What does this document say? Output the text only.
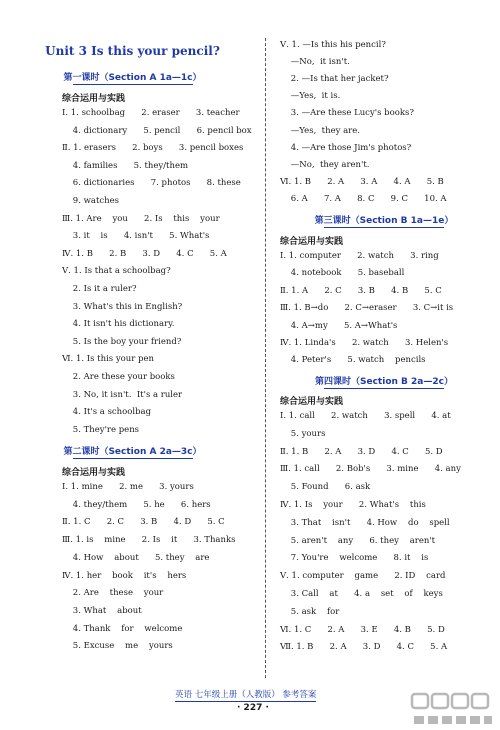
Unit 3 Is this your pencil?
第一课时（Section A 1a—1c）
综合运用与实践
Ⅰ. 1. schoolbag      2. eraser      3. teacher
4. dictionary      5. pencil      6. pencil box
Ⅱ. 1. erasers      2. boys      3. pencil boxes
4. families      5. they/them
6. dictionaries      7. photos      8. these
9. watches
Ⅲ. 1. Are    you      2. Is    this    your
3. it    is      4. isn't      5. What's
Ⅳ. 1. B      2. B      3. D      4. C      5. A
Ⅴ. 1. Is that a schoolbag?
2. Is it a ruler?
3. What's this in English?
4. It isn't his dictionary.
5. Is the boy your friend?
Ⅵ. 1. Is this your pen
2. Are these your books
3. No, it isn't.  It's a ruler
4. It's a schoolbag
5. They're pens
第二课时（Section A 2a—3c）
综合运用与实践
Ⅰ. 1. mine      2. me      3. yours
4. they/them      5. he      6. hers
Ⅱ. 1. C      2. C      3. B      4. D      5. C
Ⅲ. 1. is    mine      2. Is    it      3. Thanks
4. How    about      5. they    are
Ⅳ. 1. her    book    it's    hers
2. Are    these    your
3. What    about
4. Thank    for    welcome
5. Excuse    me    yours
Ⅴ. 1. —Is this his pencil?
—No,  it isn't.
2. —Is that her jacket?
—Yes,  it is.
3. —Are these Lucy's books?
—Yes,  they are.
4. —Are those Jim's photos?
—No,  they aren't.
Ⅵ. 1. B      2. A      3. A      4. A      5. B
6. A      7. A      8. C      9. C      10. A
第三课时（Section B 1a—1e）
综合运用与实践
Ⅰ. 1. computer      2. watch      3. ring
4. notebook      5. baseball
Ⅱ. 1. A      2. C      3. B      4. B      5. C
Ⅲ. 1. B→do      2. C→eraser      3. C→it is
4. A→my      5. A→What's
Ⅳ. 1. Linda's      2. watch      3. Helen's
4. Peter's      5. watch    pencils
第四课时（Section B 2a—2c）
综合运用与实践
Ⅰ. 1. call      2. watch      3. spell      4. at
5. yours
Ⅱ. 1. B      2. A      3. D      4. C      5. D
Ⅲ. 1. call      2. Bob's      3. mine      4. any
5. Found      6. ask
Ⅳ. 1. Is    your      2. What's    this
3. That    isn't      4. How    do    spell
5. aren't    any      6. they    aren't
7. You're    welcome      8. it    is
Ⅴ. 1. computer    game      2. ID    card
3. Call    at      4. a    set    of    keys
5. ask    for
Ⅵ. 1. C      2. A      3. E      4. B      5. D
Ⅶ. 1. B      2. A      3. D      4. C      5. A
英语 七年级上册（人教版） 参考答案
· 227 ·
